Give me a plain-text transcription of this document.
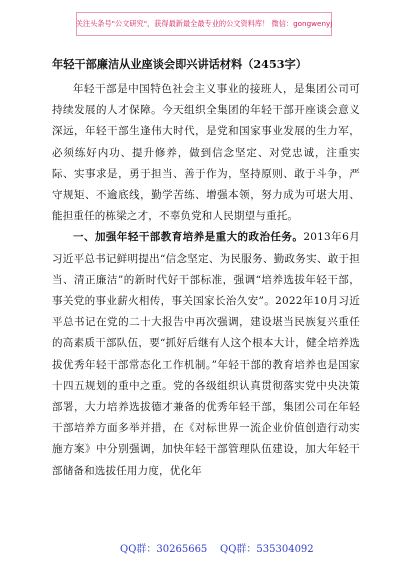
关注头条号"公文研究"，获得最新最全最专业的公文资料库！ 微信：gongwenyj
年轻干部廉洁从业座谈会即兴讲话材料（2453字）

年轻干部是中国特色社会主义事业的接班人，是集团公司可持续发展的人才保障。今天组织全集团的年轻干部开座谈会意义深远，年轻干部生逢伟大时代，是党和国家事业发展的生力军，必须练好内功、提升修养，做到信念坚定、对党忠诚，注重实际、实事求是，勇于担当、善于作为，坚持原则、敢于斗争，严守规矩、不逾底线，勤学苦练、增强本领，努力成为可堪大用、能担重任的栋梁之才，不辜负党和人民期望与重托。

一、加强年轻干部教育培养是重大的政治任务。2013年6月习近平总书记鲜明提出“信念坚定、为民服务、勤政务实、敢于担当、清正廉洁”的新时代好干部标准，强调“培养选拔年轻干部，事关党的事业薪火相传，事关国家长治久安”。2022年10月习近平总书记在党的二十大报告中再次强调，建设堪当民族复兴重任的高素质干部队伍，要“抓好后继有人这个根本大计，健全培养选拔优秀年轻干部常态化工作机制。”年轻干部的教育培养也是国家十四五规划的重中之重。党的各级组织认真贯彻落实党中央决策部署，大力培养选拔德才兼备的优秀年轻干部，集团公司在年轻干部培养方面多举并措，在《对标世界一流企业价值创造行动实施方案》中分别强调，加快年轻干部管理队伍建设，加大年轻干部储备和选拔任用力度，优化年

QQ群：30265665 QQ群：535304092
